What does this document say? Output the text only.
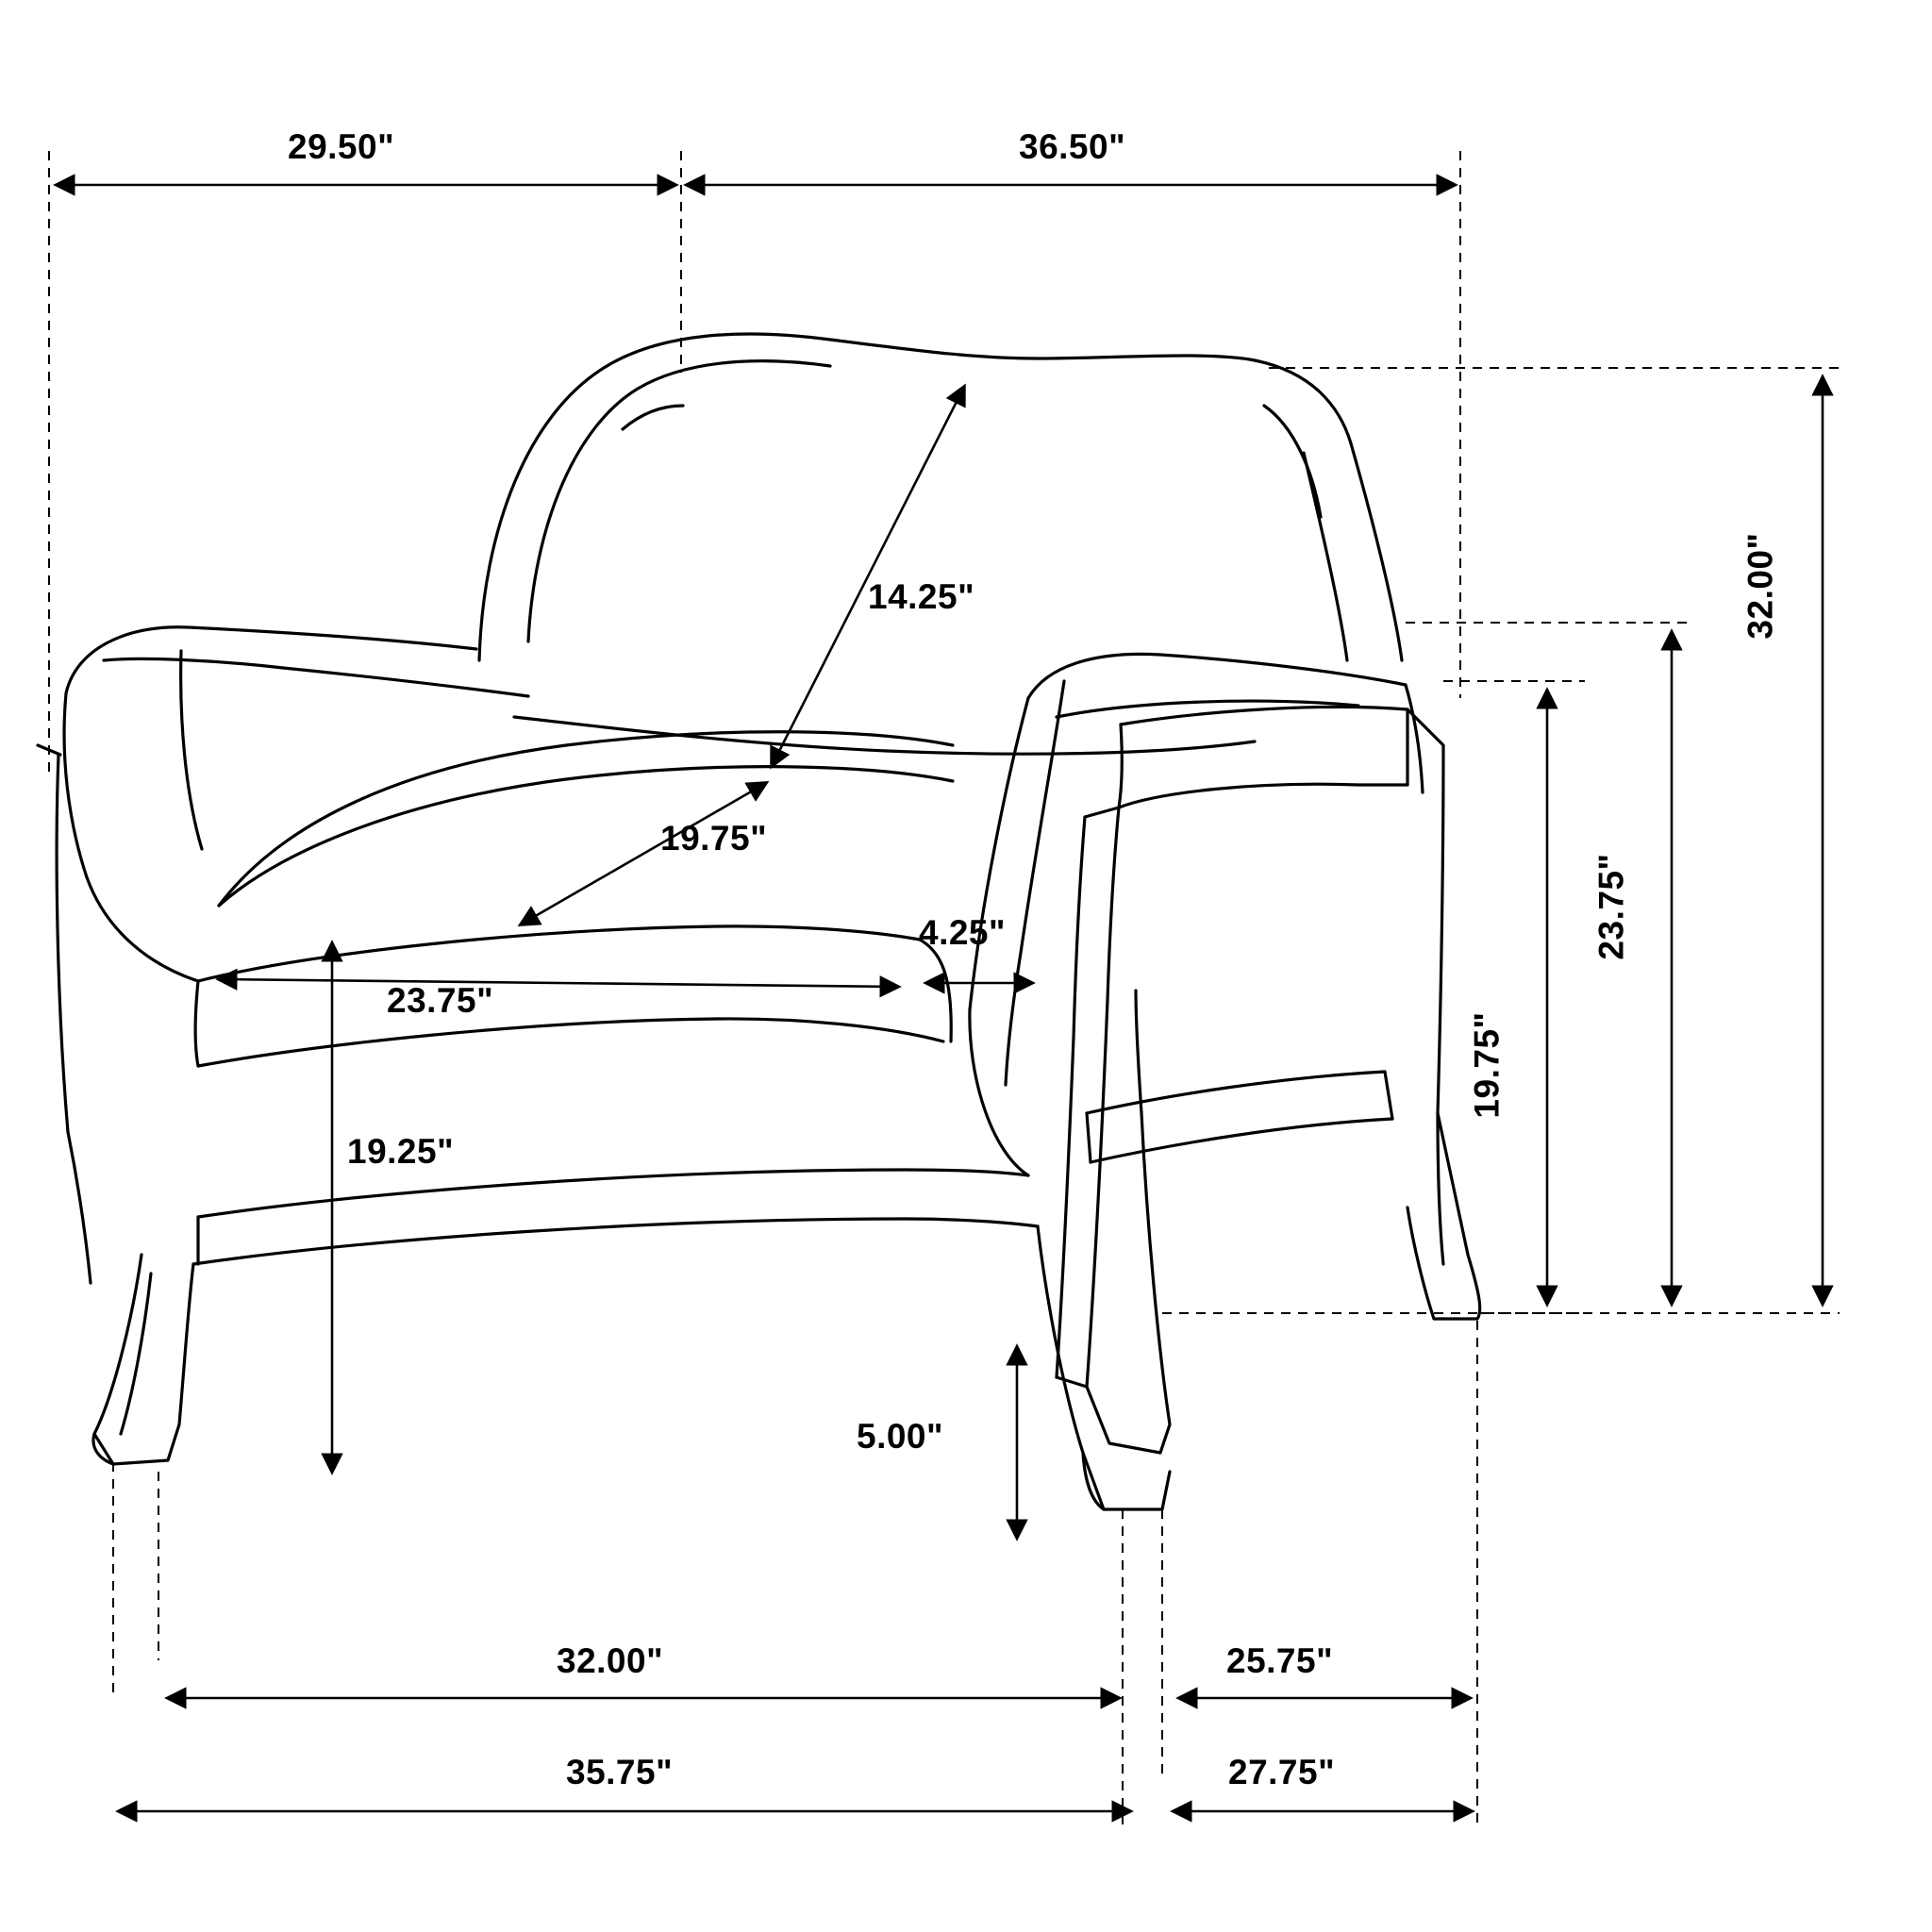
29.50"	36.50"
32.00"
23.75"
19.75"
14.25"
19.75"
23.75"
4.25"
19.25"
5.00"
32.00"	25.75"
35.75"	27.75"
